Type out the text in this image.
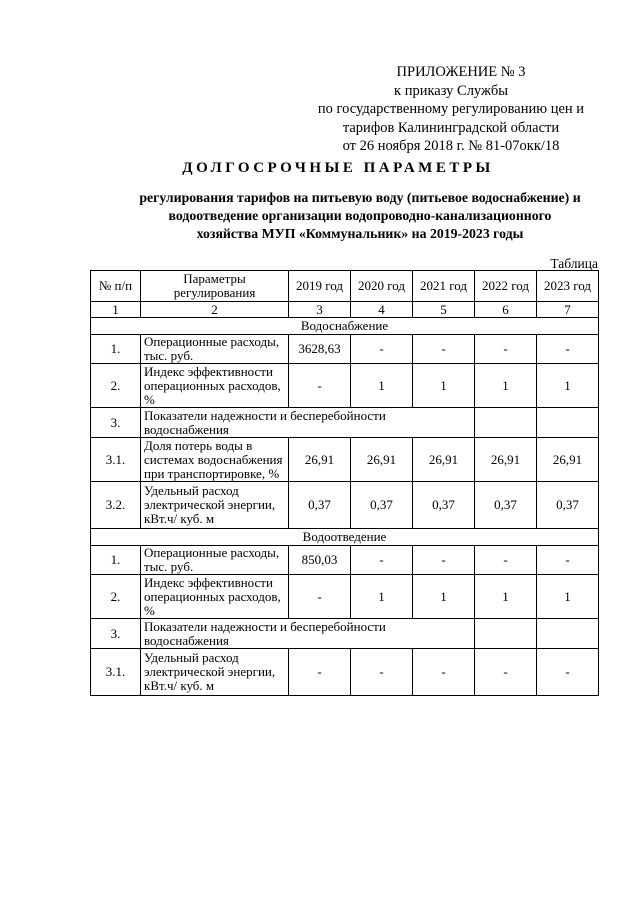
ПРИЛОЖЕНИЕ № 3
к приказу Службы
по государственному регулированию цен и
тарифов Калининградской области
от 26 ноября 2018 г. № 81-07окк/18
ДОЛГОСРОЧНЫЕ ПАРАМЕТРЫ
регулирования тарифов на питьевую воду (питьевое водоснабжение) и
водоотведение организации водопроводно-канализационного
хозяйства МУП «Коммунальник» на 2019-2023 годы
Таблица
№ п/п	Параметры регулирования	2019 год	2020 год	2021 год	2022 год	2023 год
1	2	3	4	5	6	7
Водоснабжение						
1.	Операционные расходы, тыс. руб.	3628,63	-	-	-	-
2.	Индекс эффективности операционных расходов, %	-	1	1	1	1
3.	Показатели надежности и бесперебойности водоснабжения					
3.1.	Доля потерь воды в системах водоснабжения при транспортировке, %	26,91	26,91	26,91	26,91	26,91
3.2.	Удельный расход электрической энергии, кВт.ч/ куб. м	0,37	0,37	0,37	0,37	0,37
Водоотведение						
1.	Операционные расходы, тыс. руб.	850,03	-	-	-	-
2.	Индекс эффективности операционных расходов, %	-	1	1	1	1
3.	Показатели надежности и бесперебойности водоснабжения					
3.1.	Удельный расход электрической энергии, кВт.ч/ куб. м	-	-	-	-	-
